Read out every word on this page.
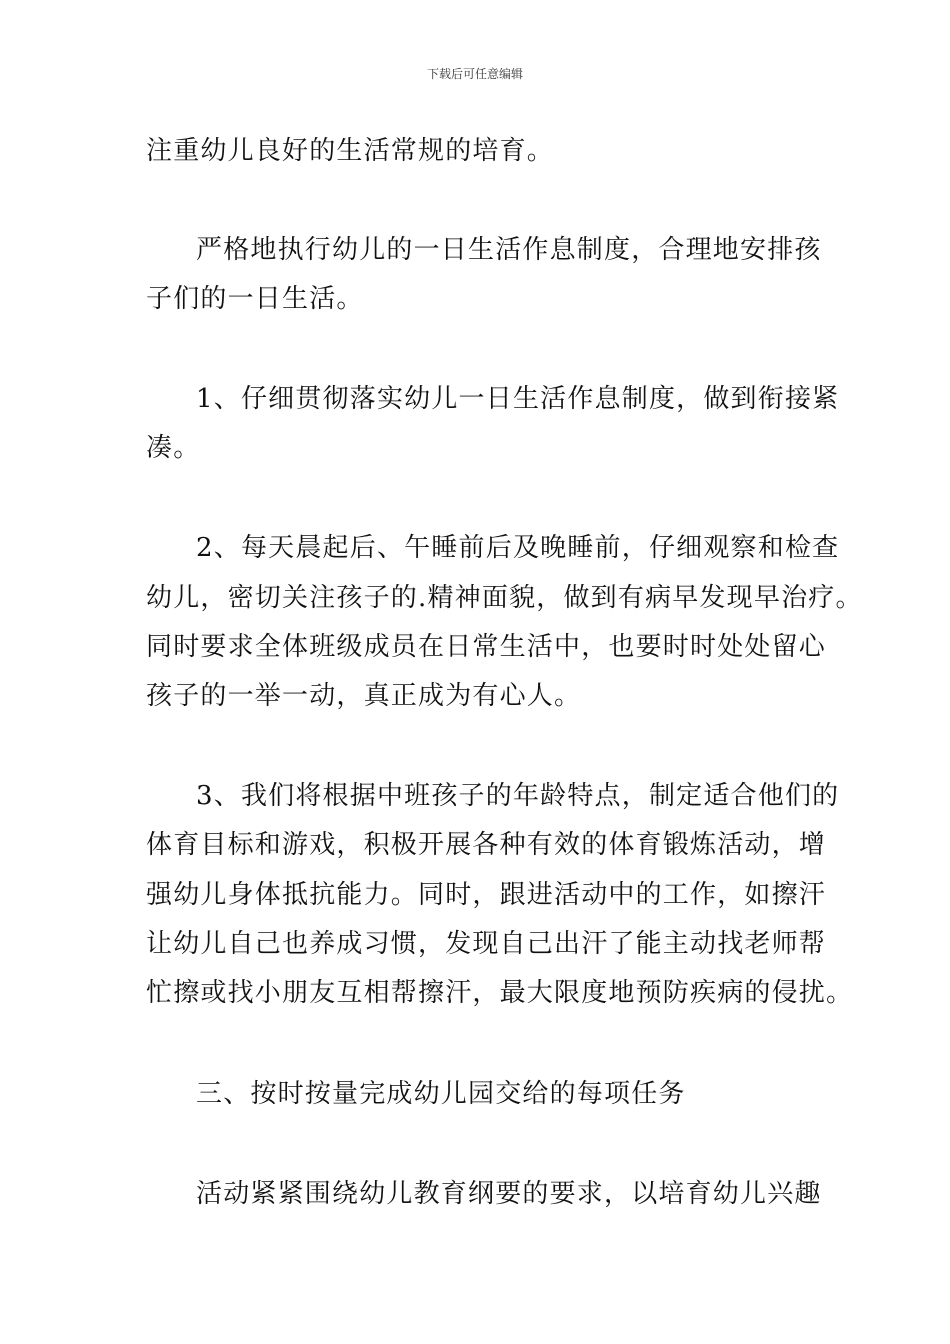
下载后可任意编辑
注重幼儿良好的生活常规的培育。
严格地执行幼儿的一日生活作息制度，合理地安排孩
子们的一日生活。
1、仔细贯彻落实幼儿一日生活作息制度，做到衔接紧
凑。
2、每天晨起后、午睡前后及晚睡前，仔细观察和检查
幼儿，密切关注孩子的.精神面貌，做到有病早发现早治疗。
同时要求全体班级成员在日常生活中，也要时时处处留心
孩子的一举一动，真正成为有心人。
3、我们将根据中班孩子的年龄特点，制定适合他们的
体育目标和游戏，积极开展各种有效的体育锻炼活动，增
强幼儿身体抵抗能力。同时，跟进活动中的工作，如擦汗
让幼儿自己也养成习惯，发现自己出汗了能主动找老师帮
忙擦或找小朋友互相帮擦汗，最大限度地预防疾病的侵扰。
三、按时按量完成幼儿园交给的每项任务
活动紧紧围绕幼儿教育纲要的要求，以培育幼儿兴趣
